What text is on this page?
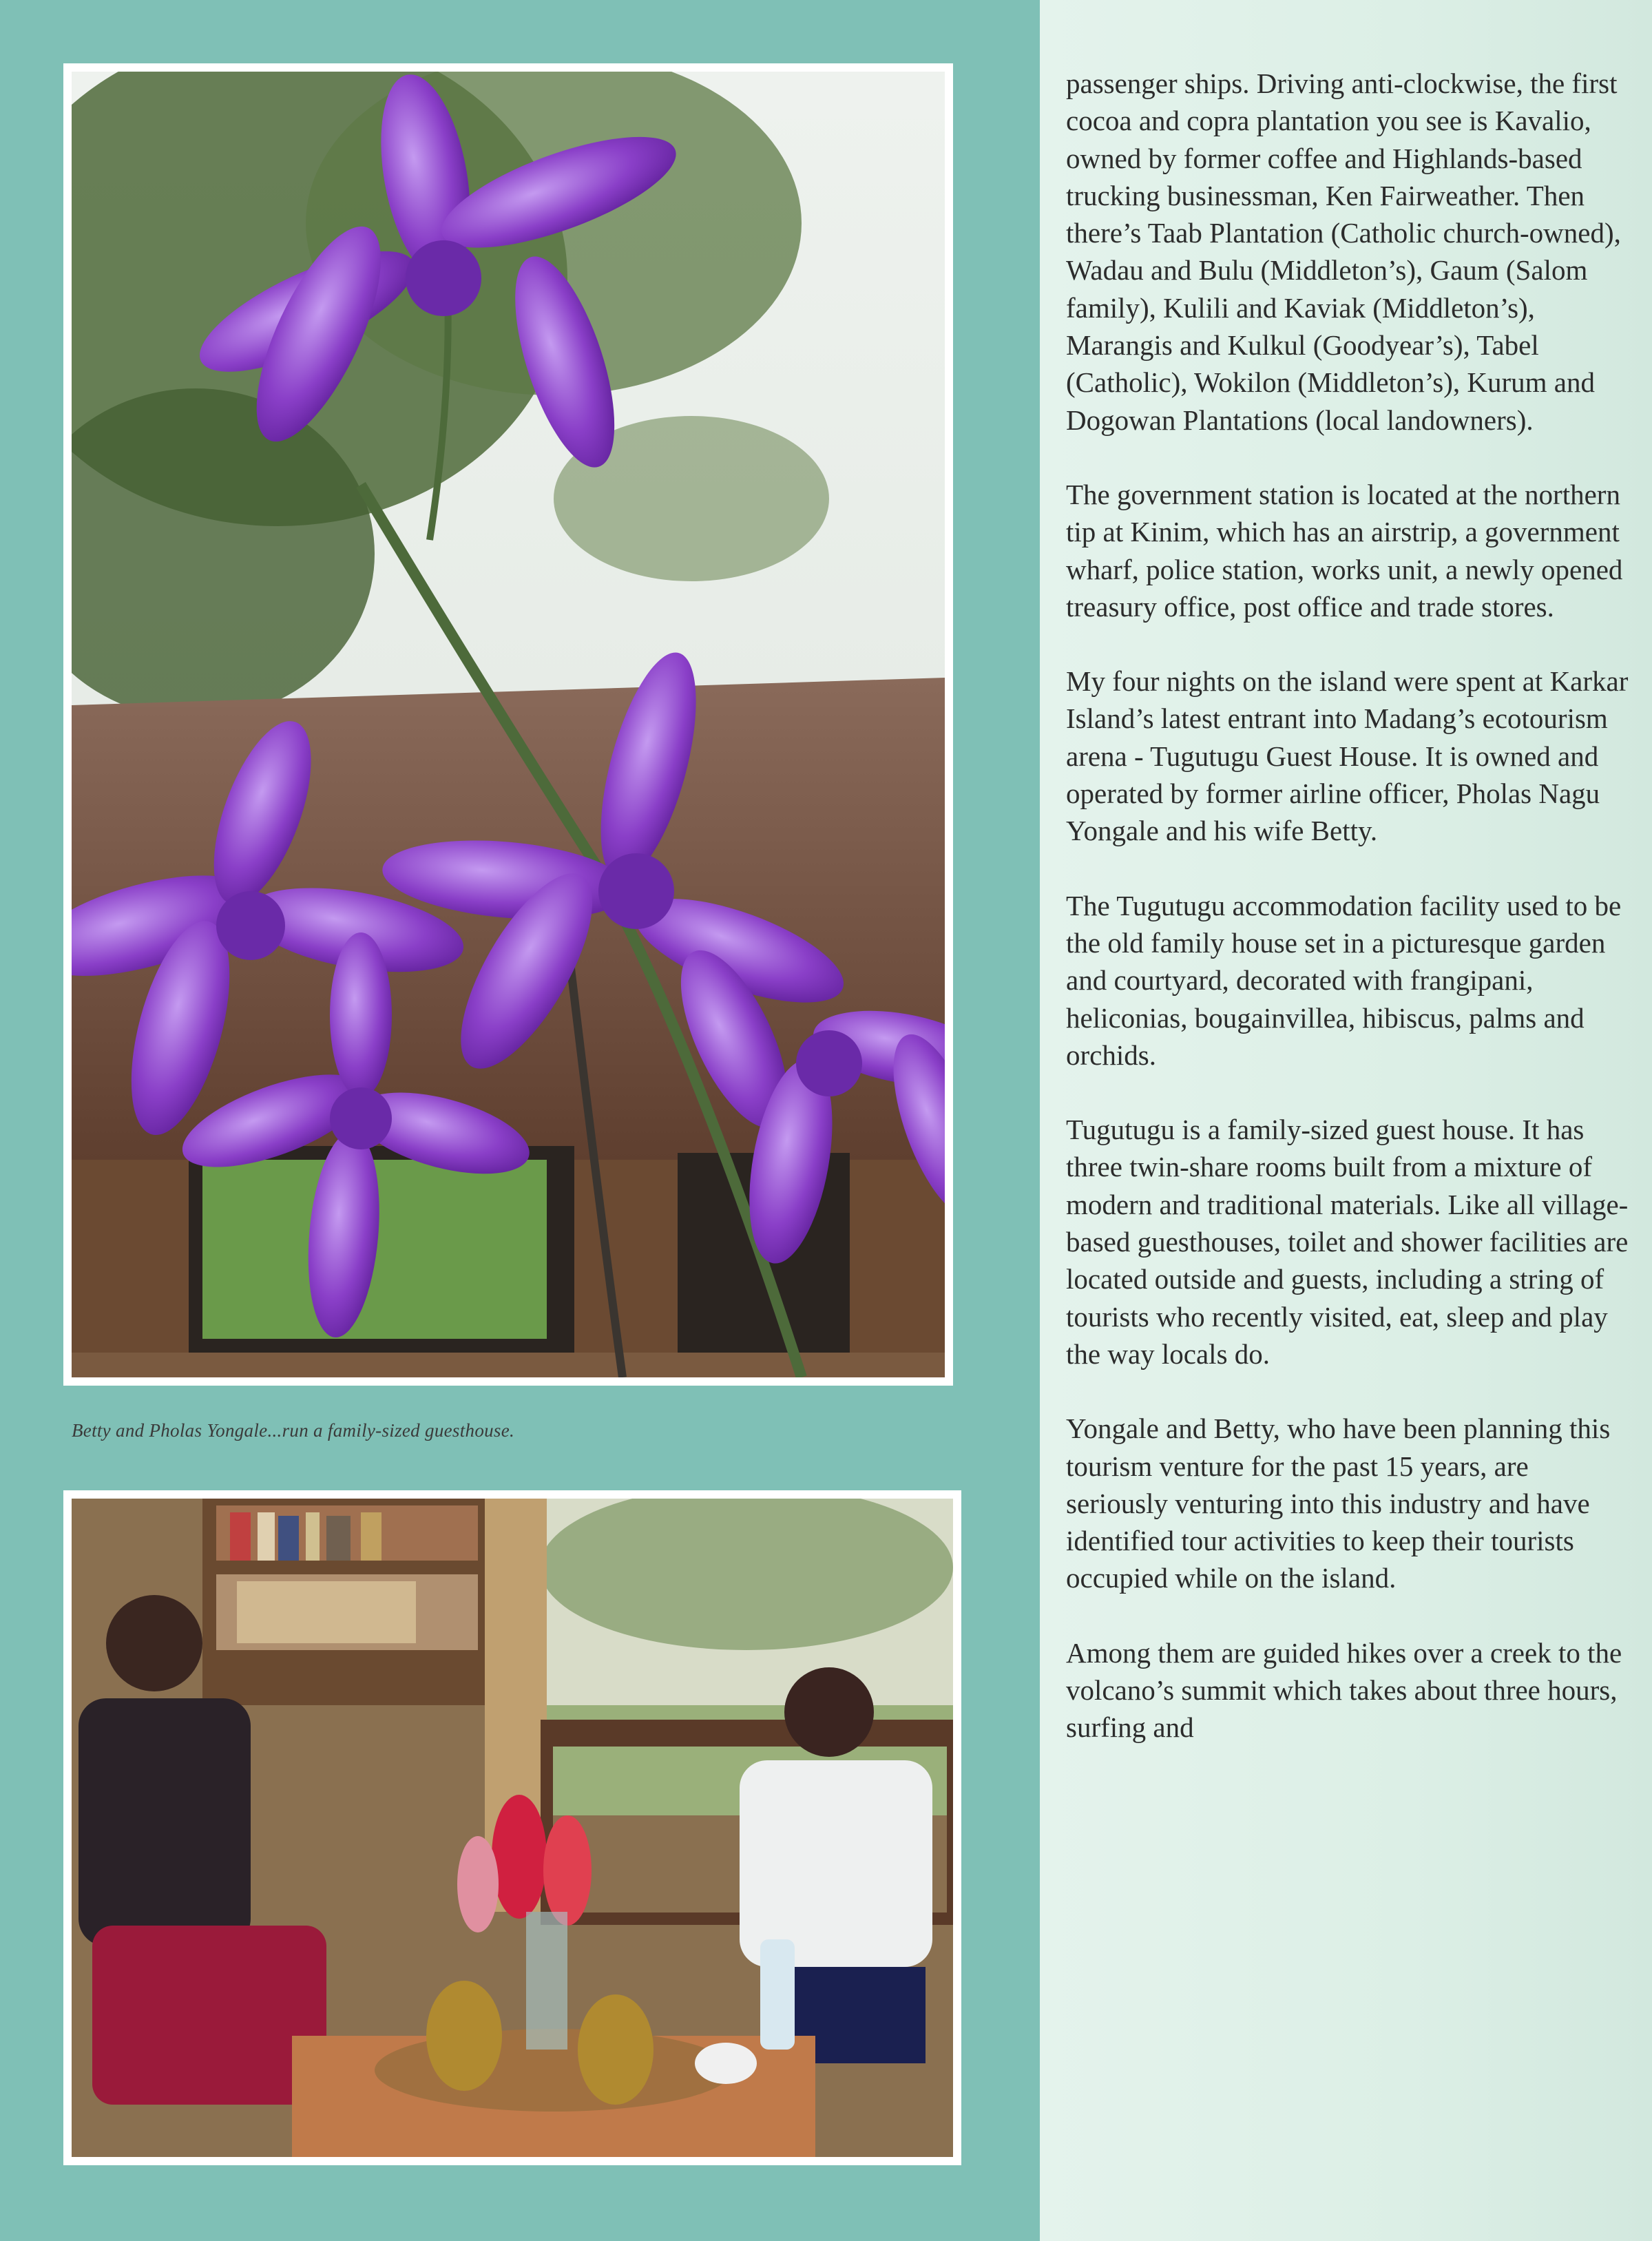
Betty and Pholas Yongale...run a family-sized guesthouse.

passenger ships. Driving anti-clockwise, the first cocoa and copra plantation you see is Kavalio, owned by former coffee and Highlands-based trucking businessman, Ken Fairweather. Then there’s Taab Plantation (Catholic church-owned), Wadau and Bulu (Middleton’s), Gaum (Salom family), Kulili and Kaviak (Middleton’s), Marangis and Kulkul (Goodyear’s), Tabel (Catholic), Wokilon (Middleton’s), Kurum and Dogowan Plantations (local landowners).

The government station is located at the northern tip at Kinim, which has an airstrip, a government wharf, police station, works unit, a newly opened treasury office, post office and trade stores.

My four nights on the island were spent at Karkar Island’s latest entrant into Madang’s ecotourism arena - Tugutugu Guest House. It is owned and operated by former airline officer, Pholas Nagu Yongale and his wife Betty.

The Tugutugu accommodation facility used to be the old family house set in a picturesque garden and courtyard, decorated with frangipani, heliconias, bougainvillea, hibiscus, palms and orchids.

Tugutugu is a family-sized guest house. It has three twin-share rooms built from a mixture of modern and traditional materials. Like all village-based guesthouses, toilet and shower facilities are located outside and guests, including a string of tourists who recently visited, eat, sleep and play the way locals do.

Yongale and Betty, who have been planning this tourism venture for the past 15 years, are seriously venturing into this industry and have identified tour activities to keep their tourists occupied while on the island.

Among them are guided hikes over a creek to the volcano’s summit which takes about three hours, surfing and
